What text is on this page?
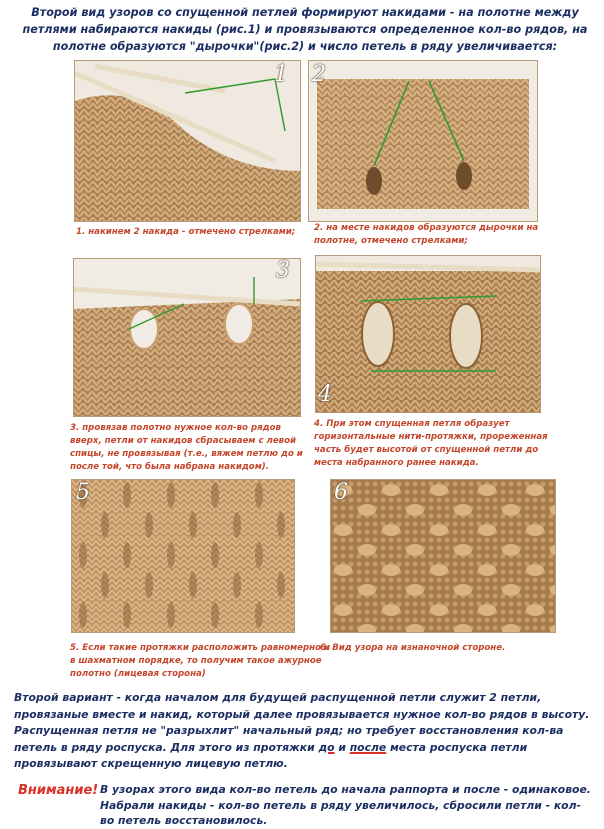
Второй вид узоров со спущенной петлей формируют накидами - на полотне между петлями набираются накиды (рис.1) и провязываются определенное кол-во рядов, на полотне образуются "дырочки"(рис.2) и число петель в ряду увеличивается:

1

1. накинем 2 накида - отмечено стрелками;

2

2. на месте накидов образуются дырочки на полотне, отмечено стрелками;

3

3. провязав полотно нужное кол-во рядов вверх, петли от накидов сбрасываем с левой спицы, не провязывая (т.е., вяжем петлю до и после той, что была набрана накидом).

4

4. При этом спущенная петля образует горизонтальные нити-протяжки, прореженная часть будет высотой от спущенной петли до места набранного ранее накида.

5

5. Если такие протяжки расположить равномерно и в шахматном порядке, то получим такое ажурное полотно (лицевая сторона)

6

6. Вид узора на изнаночной стороне.

Второй вариант - когда началом для будущей распущенной петли служит 2 петли, провязаные вместе и накид, который далее провязывается нужное кол-во рядов в высоту. Распущенная петля не "разрыхлит" начальный ряд; но требует восстановления кол-ва петель в ряду роспуска. Для этого из протяжки до и после места роспуска петли провязывают скрещенную лицевую петлю.

Внимание! В узорах этого вида кол-во петель до начала раппорта и после - одинаковое. Набрали накиды - кол-во петель в ряду увеличилось, сбросили петли - кол-во петель восстановилось.
